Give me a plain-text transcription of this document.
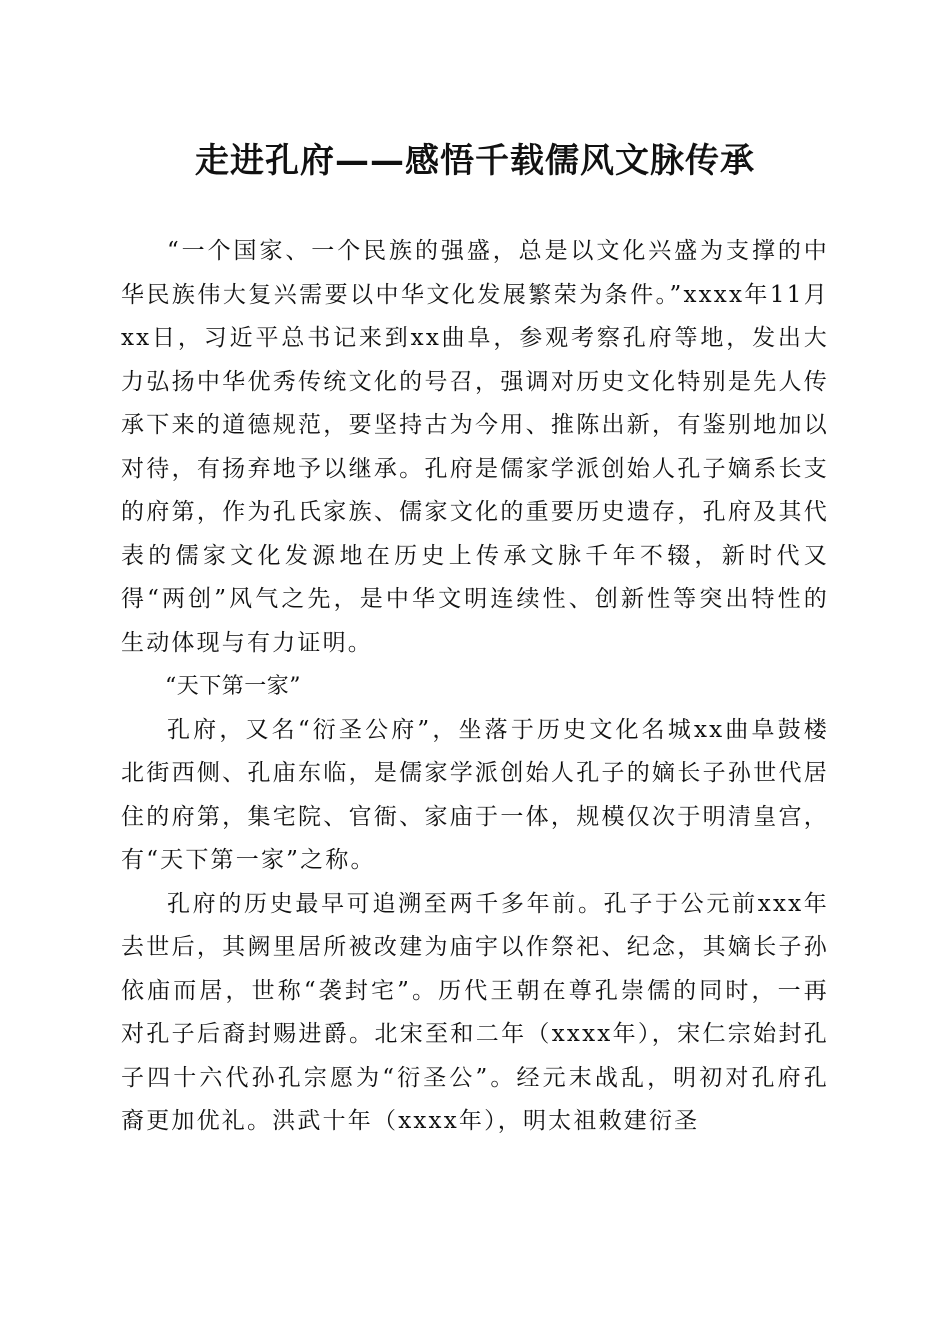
走进孔府——感悟千载儒风文脉传承

“一个国家、一个民族的强盛，总是以文化兴盛为支撑的中华民族伟大复兴需要以中华文化发展繁荣为条件。”xxxx年11月xx日，习近平总书记来到xx曲阜，参观考察孔府等地，发出大力弘扬中华优秀传统文化的号召，强调对历史文化特别是先人传承下来的道德规范，要坚持古为今用、推陈出新，有鉴别地加以对待，有扬弃地予以继承。孔府是儒家学派创始人孔子嫡系长支的府第，作为孔氏家族、儒家文化的重要历史遗存，孔府及其代表的儒家文化发源地在历史上传承文脉千年不辍，新时代又得“两创”风气之先，是中华文明连续性、创新性等突出特性的生动体现与有力证明。

“天下第一家”

孔府，又名“衍圣公府”，坐落于历史文化名城xx曲阜鼓楼北街西侧、孔庙东临，是儒家学派创始人孔子的嫡长子孙世代居住的府第，集宅院、官衙、家庙于一体，规模仅次于明清皇宫，有“天下第一家”之称。

孔府的历史最早可追溯至两千多年前。孔子于公元前xxx年去世后，其阙里居所被改建为庙宇以作祭祀、纪念，其嫡长子孙依庙而居，世称“袭封宅”。历代王朝在尊孔崇儒的同时，一再对孔子后裔封赐进爵。北宋至和二年（xxxx年），宋仁宗始封孔子四十六代孙孔宗愿为“衍圣公”。经元末战乱，明初对孔府孔裔更加优礼。洪武十年（xxxx年），明太祖敕建衍圣
